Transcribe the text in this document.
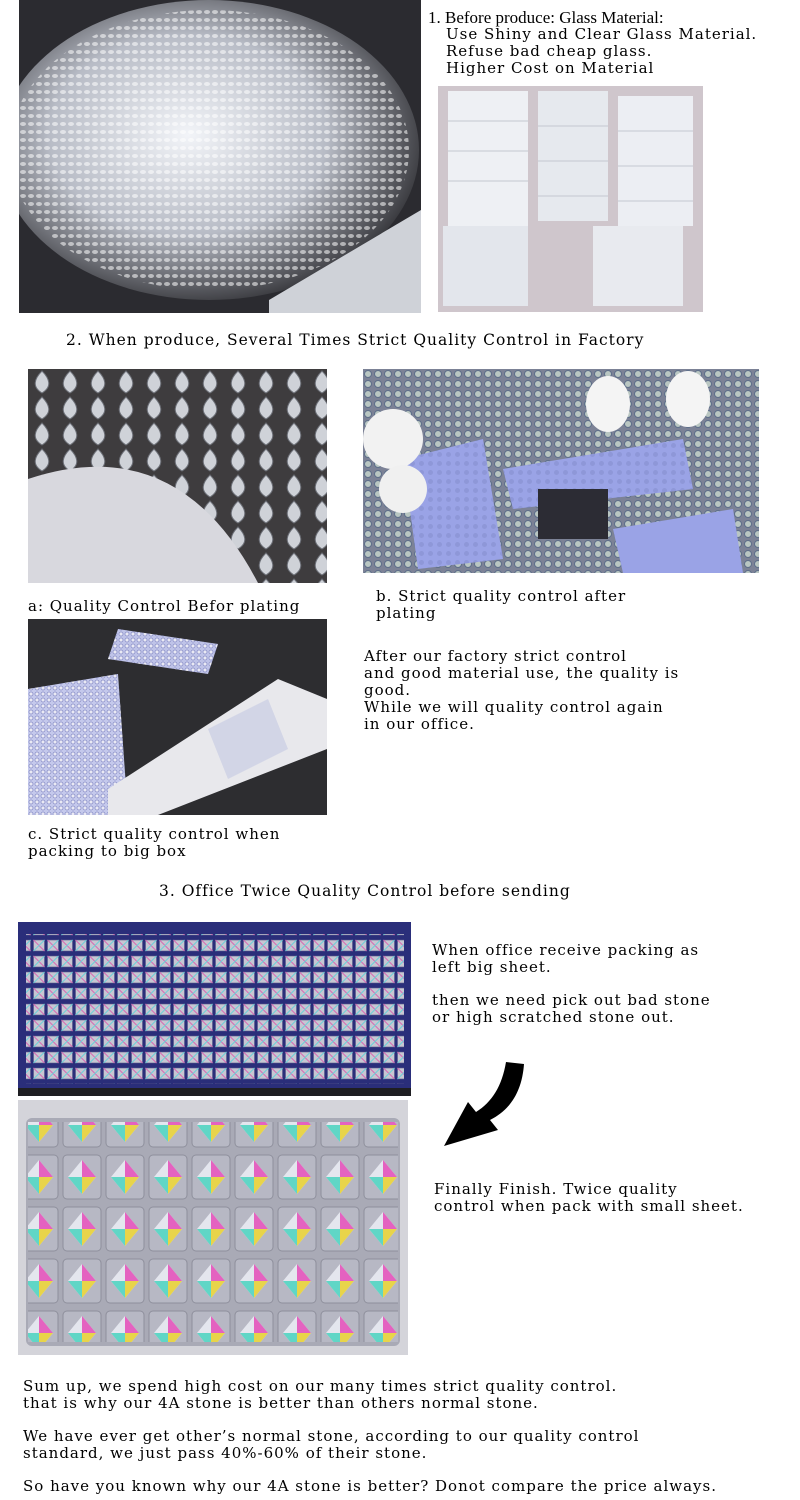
1. Before produce: Glass Material:
Use Shiny and Clear Glass Material.
Refuse bad cheap glass.
Higher Cost on Material
2. When produce, Several Times Strict Quality Control in Factory
a: Quality Control Befor plating
b. Strict quality control after
plating
After our factory strict control
and good material use, the quality is
good.
While we will quality control again
in our office.
c. Strict quality control when
packing to big box
3. Office Twice Quality Control before sending
When office receive packing as
left big sheet.
then we need pick out bad stone
or high scratched stone out.
Finally Finish. Twice quality
control when pack with small sheet.
Sum up, we spend high cost on our many times strict quality control.
that is why our 4A stone is better than others normal stone.
We have ever get other’s normal stone, according to our quality control
standard, we just pass 40%-60% of their stone.
So have you known why our 4A stone is better? Donot compare the price always.
